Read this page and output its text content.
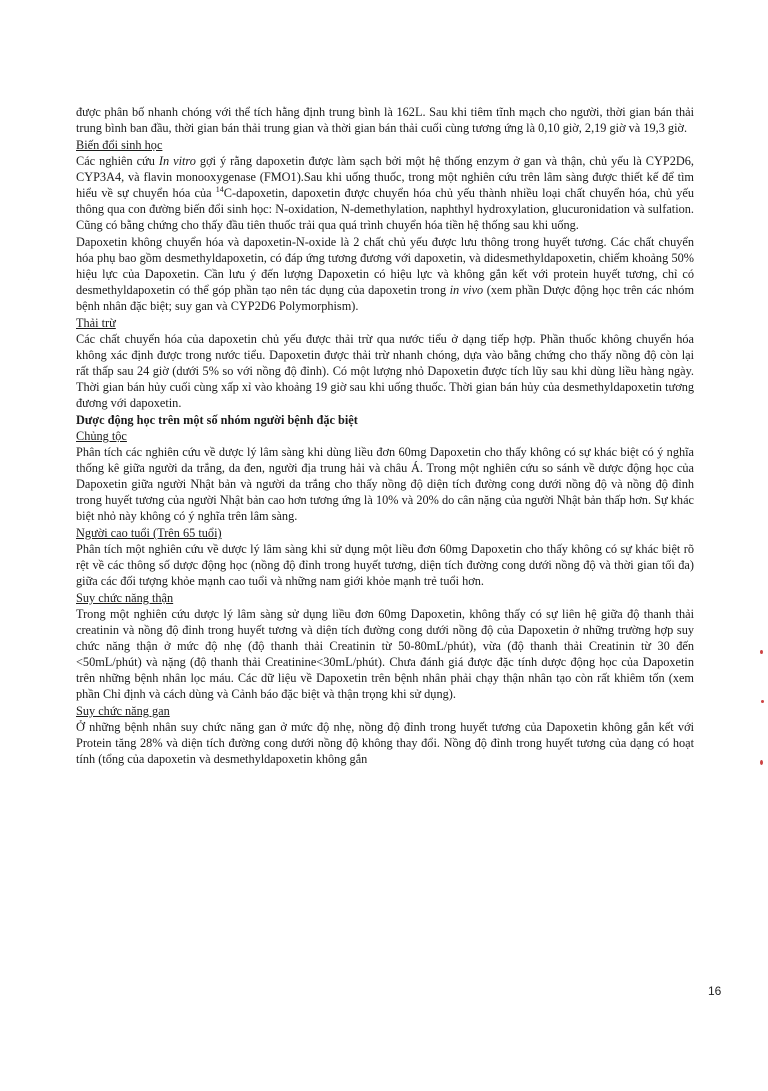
được phân bố nhanh chóng với thể tích hằng định trung bình là 162L. Sau khi tiêm tĩnh mạch cho người, thời gian bán thải trung bình ban đầu, thời gian bán thải trung gian và thời gian bán thải cuối cùng tương ứng là 0,10 giờ, 2,19 giờ và 19,3 giờ.

Biến đổi sinh học

Các nghiên cứu In vitro gợi ý rằng dapoxetin được làm sạch bởi một hệ thống enzym ở gan và thận, chủ yếu là CYP2D6, CYP3A4, và flavin monooxygenase (FMO1).Sau khi uống thuốc, trong một nghiên cứu trên lâm sàng được thiết kế để tìm hiểu về sự chuyển hóa của $^{14}$C-dapoxetin, dapoxetin được chuyển hóa chủ yếu thành nhiều loại chất chuyển hóa, chủ yếu thông qua con đường biến đổi sinh học: N-oxidation, N-demethylation, naphthyl hydroxylation, glucuronidation và sulfation. Cũng có bằng chứng cho thấy đầu tiên thuốc trải qua quá trình chuyển hóa tiền hệ thống sau khi uống.

Dapoxetin không chuyển hóa và dapoxetin-N-oxide là 2 chất chủ yếu được lưu thông trong huyết tương. Các chất chuyển hóa phụ bao gồm desmethyldapoxetin, có đáp ứng tương đương với dapoxetin, và didesmethyldapoxetin, chiếm khoảng 50% hiệu lực của Dapoxetin. Cần lưu ý đến lượng Dapoxetin có hiệu lực và không gắn kết với protein huyết tương, chỉ có desmethyldapoxetin có thể góp phần tạo nên tác dụng của dapoxetin trong in vivo (xem phần Dược động học trên các nhóm bệnh nhân đặc biệt; suy gan và CYP2D6 Polymorphism).

Thải trừ

Các chất chuyển hóa của dapoxetin chủ yếu được thải trừ qua nước tiểu ở dạng tiếp hợp. Phần thuốc không chuyển hóa không xác định được trong nước tiểu. Dapoxetin được thải trừ nhanh chóng, dựa vào bằng chứng cho thấy nồng độ còn lại rất thấp sau 24 giờ (dưới 5% so với nồng độ đỉnh). Có một lượng nhỏ Dapoxetin được tích lũy sau khi dùng liều hàng ngày. Thời gian bán hủy cuối cùng xấp xỉ vào khoảng 19 giờ sau khi uống thuốc. Thời gian bán hủy của desmethyldapoxetin tương đương với dapoxetin.

Dược động học trên một số nhóm người bệnh đặc biệt

Chủng tộc

Phân tích các nghiên cứu về dược lý lâm sàng khi dùng liều đơn 60mg Dapoxetin cho thấy không có sự khác biệt có ý nghĩa thống kê giữa người da trắng, da đen, người địa trung hải và châu Á. Trong một nghiên cứu so sánh về dược động học của Dapoxetin giữa người Nhật bản và người da trắng cho thấy nồng độ diện tích đường cong dưới nồng độ và nồng độ đỉnh trong huyết tương của người Nhật bản cao hơn tương ứng là 10% và 20% do cân nặng của người Nhật bản thấp hơn. Sự khác biệt nhỏ này không có ý nghĩa trên lâm sàng.

Người cao tuổi (Trên 65 tuổi)

Phân tích một nghiên cứu về dược lý lâm sàng khi sử dụng một liều đơn 60mg Dapoxetin cho thấy không có sự khác biệt rõ rệt về các thông số dược động học (nồng độ đỉnh trong huyết tương, diện tích đường cong dưới nồng độ và thời gian tối đa) giữa các đối tượng khỏe mạnh cao tuổi và những nam giới khỏe mạnh trẻ tuổi hơn.

Suy chức năng thận

Trong một nghiên cứu dược lý lâm sàng sử dụng liều đơn 60mg Dapoxetin, không thấy có sự liên hệ giữa độ thanh thải creatinin và nồng độ đỉnh trong huyết tương và diện tích đường cong dưới nồng độ của Dapoxetin ở những trường hợp suy chức năng thận ở mức độ nhẹ (độ thanh thải Creatinin từ 50-80mL/phút), vừa (độ thanh thải Creatinin từ 30 đến <50mL/phút) và nặng (độ thanh thải Creatinine<30mL/phút). Chưa đánh giá được đặc tính dược động học của Dapoxetin trên những bệnh nhân lọc máu. Các dữ liệu về Dapoxetin trên bệnh nhân phải chạy thận nhân tạo còn rất khiêm tốn (xem phần Chỉ định và cách dùng và Cảnh báo đặc biệt và thận trọng khi sử dụng).

Suy chức năng gan

Ở những bệnh nhân suy chức năng gan ở mức độ nhẹ, nồng độ đỉnh trong huyết tương của Dapoxetin không gắn kết với Protein tăng 28% và diện tích đường cong dưới nồng độ không thay đổi. Nồng độ đỉnh trong huyết tương của dạng có hoạt tính (tổng của dapoxetin và desmethyldapoxetin không gắn

16
